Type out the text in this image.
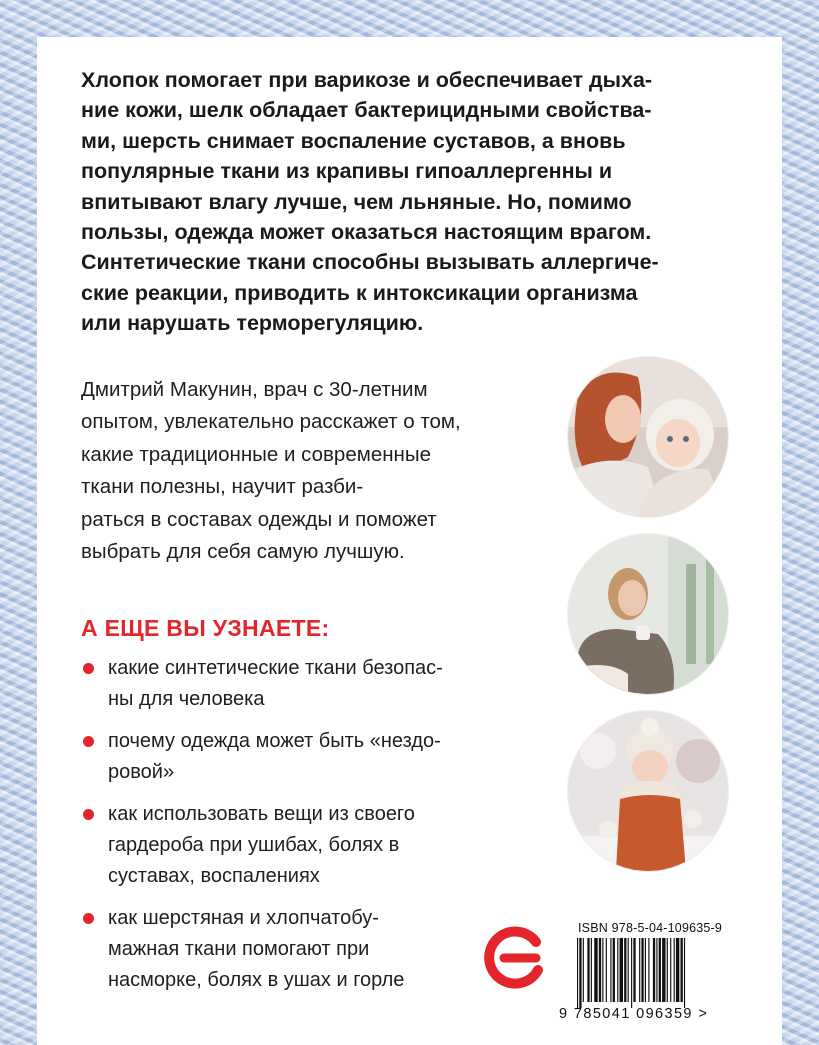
Хлопок помогает при варикозе и обеспечивает дыха-
ние кожи, шелк обладает бактерицидными свойства-
ми, шерсть снимает воспаление суставов, а вновь
популярные ткани из крапивы гипоаллергенны и
впитывают влагу лучше, чем льняные. Но, помимо
пользы, одежда может оказаться настоящим врагом.
Синтетические ткани способны вызывать аллергиче-
ские реакции, приводить к интоксикации организма
или нарушать терморегуляцию.

Дмитрий Макунин, врач с 30-летним
опытом, увлекательно расскажет о том,
какие традиционные и современные
ткани полезны, научит разби-
раться в составах одежды и поможет
выбрать для себя самую лучшую.

А ЕЩЕ ВЫ УЗНАЕТЕ:
какие синтетические ткани безопас-
ны для человека
почему одежда может быть «нездо-
ровой»
как использовать вещи из своего
гардероба при ушибах, болях в
суставах, воспалениях
как шерстяная и хлопчатобу-
мажная ткани помогают при
насморке, болях в ушах и горле
ISBN 978-5-04-109635-9
9 785041 096359 >
